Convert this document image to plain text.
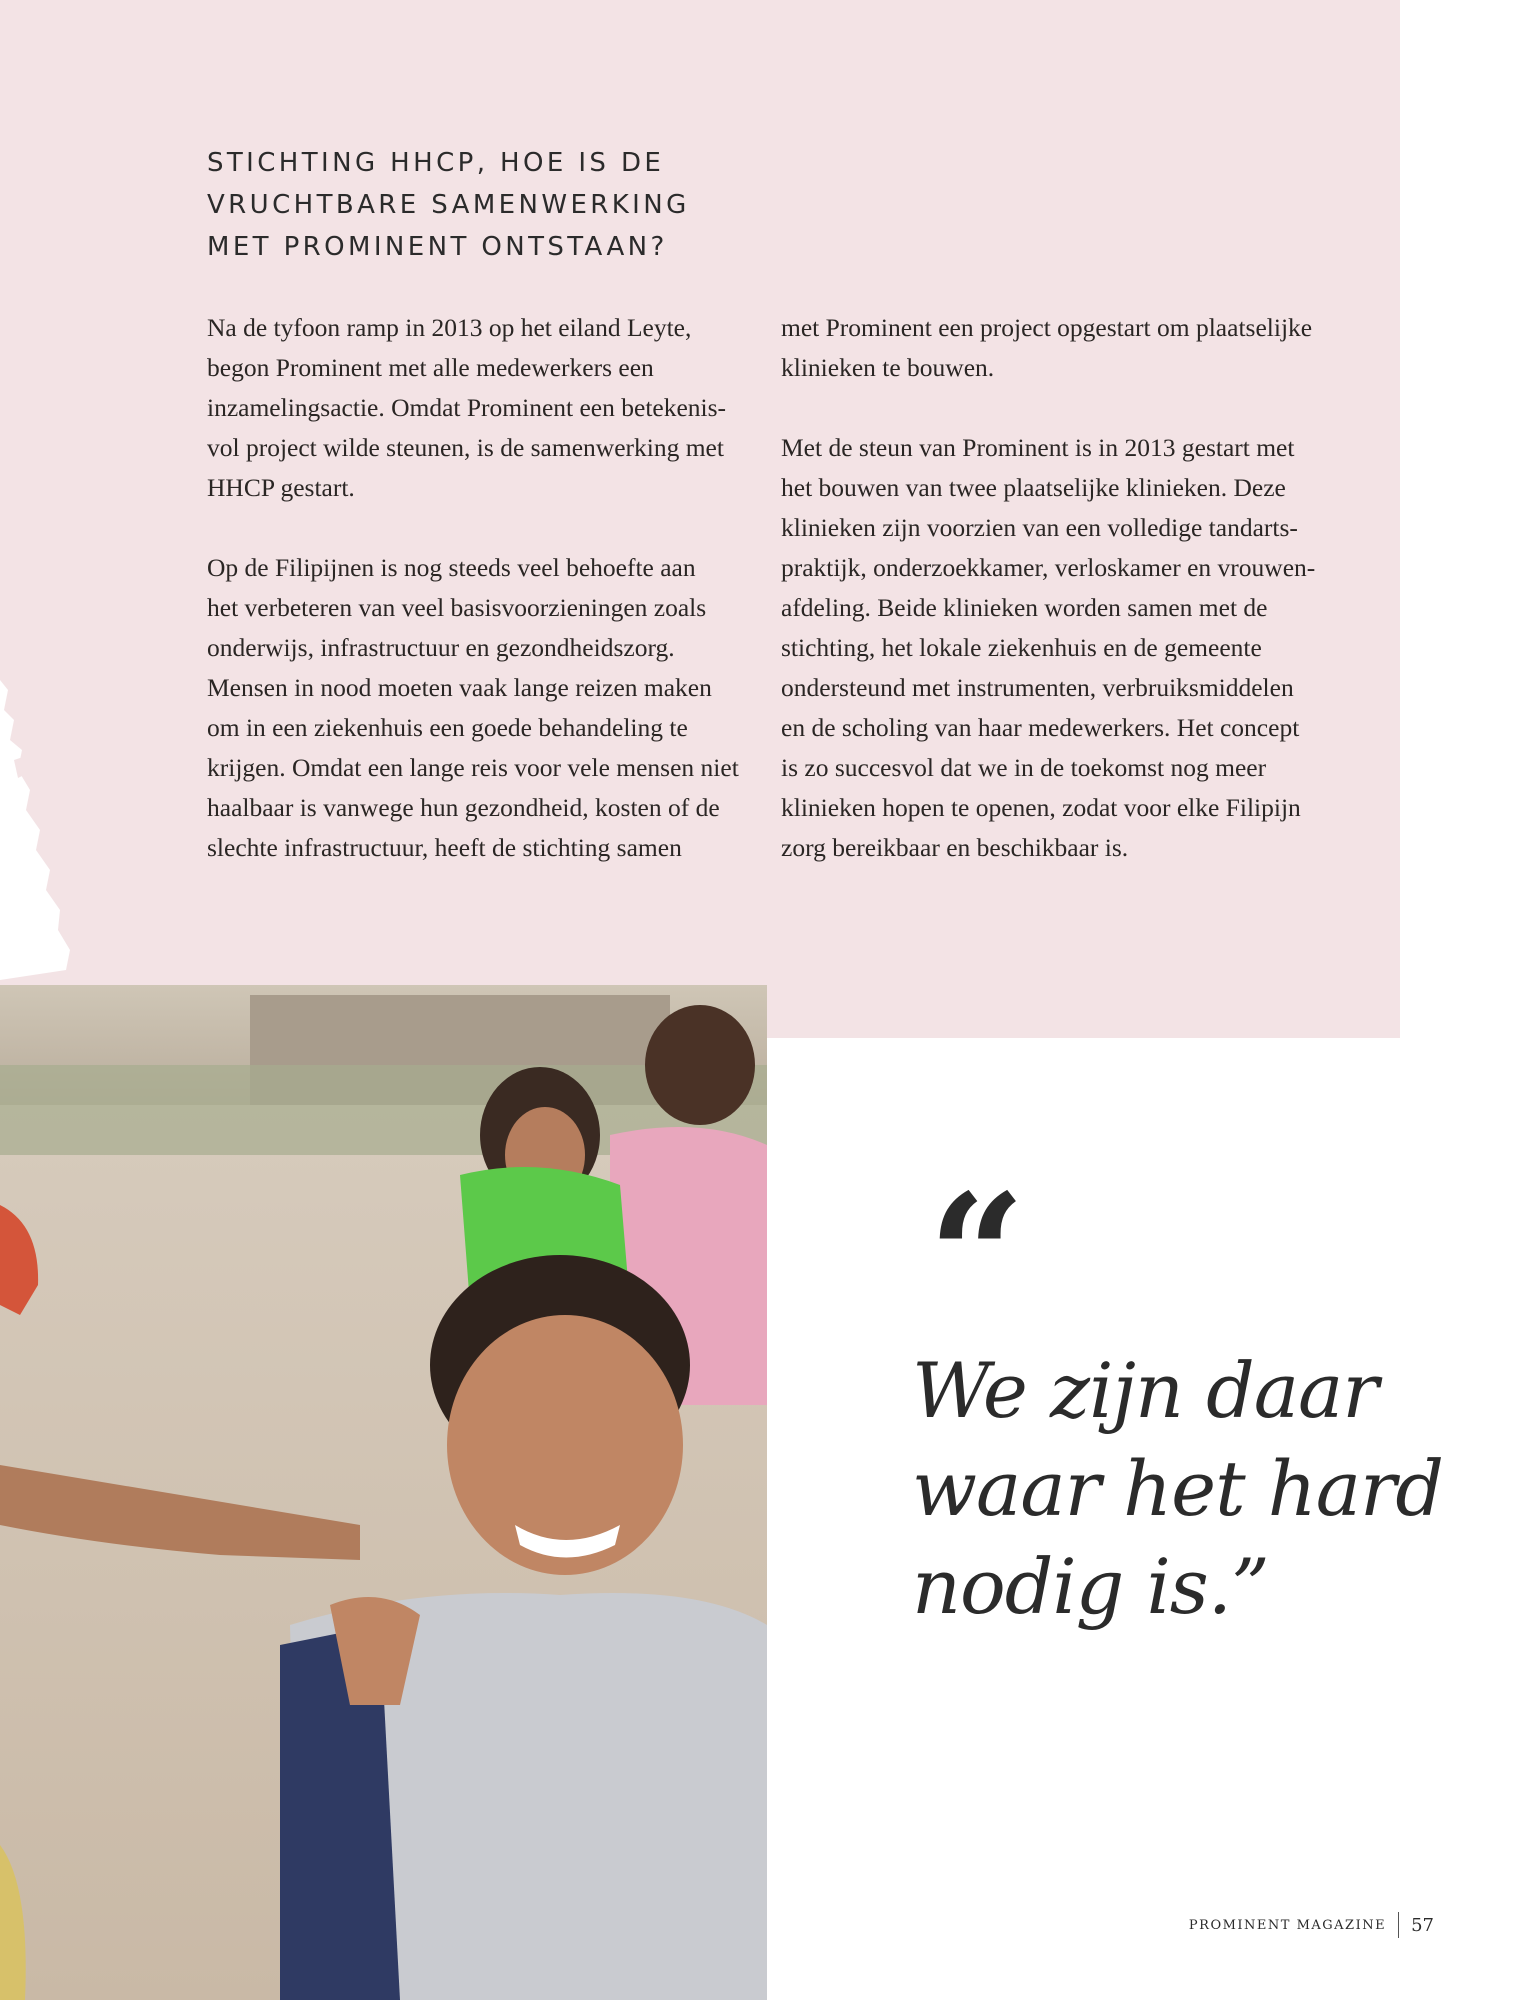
STICHTING HHCP, HOE IS DE
VRUCHTBARE SAMENWERKING
MET PROMINENT ONTSTAAN?

Na de tyfoon ramp in 2013 op het eiland Leyte,
begon Prominent met alle medewerkers een
inzamelingsactie. Omdat Prominent een betekenis-
vol project wilde steunen, is de samenwerking met
HHCP gestart.

Op de Filipijnen is nog steeds veel behoefte aan
het verbeteren van veel basisvoorzieningen zoals
onderwijs, infrastructuur en gezondheidszorg.
Mensen in nood moeten vaak lange reizen maken
om in een ziekenhuis een goede behandeling te
krijgen. Omdat een lange reis voor vele mensen niet
haalbaar is vanwege hun gezondheid, kosten of de
slechte infrastructuur, heeft de stichting samen

met Prominent een project opgestart om plaatselijke
klinieken te bouwen.

Met de steun van Prominent is in 2013 gestart met
het bouwen van twee plaatselijke klinieken. Deze
klinieken zijn voorzien van een volledige tandarts-
praktijk, onderzoekkamer, verloskamer en vrouwen-
afdeling. Beide klinieken worden samen met de
stichting, het lokale ziekenhuis en de gemeente
ondersteund met instrumenten, verbruiksmiddelen
en de scholing van haar medewerkers. Het concept
is zo succesvol dat we in de toekomst nog meer
klinieken hopen te openen, zodat voor elke Filipijn
zorg bereikbaar en beschikbaar is.

“
We zijn daar
waar het hard
nodig is.”
PROMINENT MAGAZINE 57
